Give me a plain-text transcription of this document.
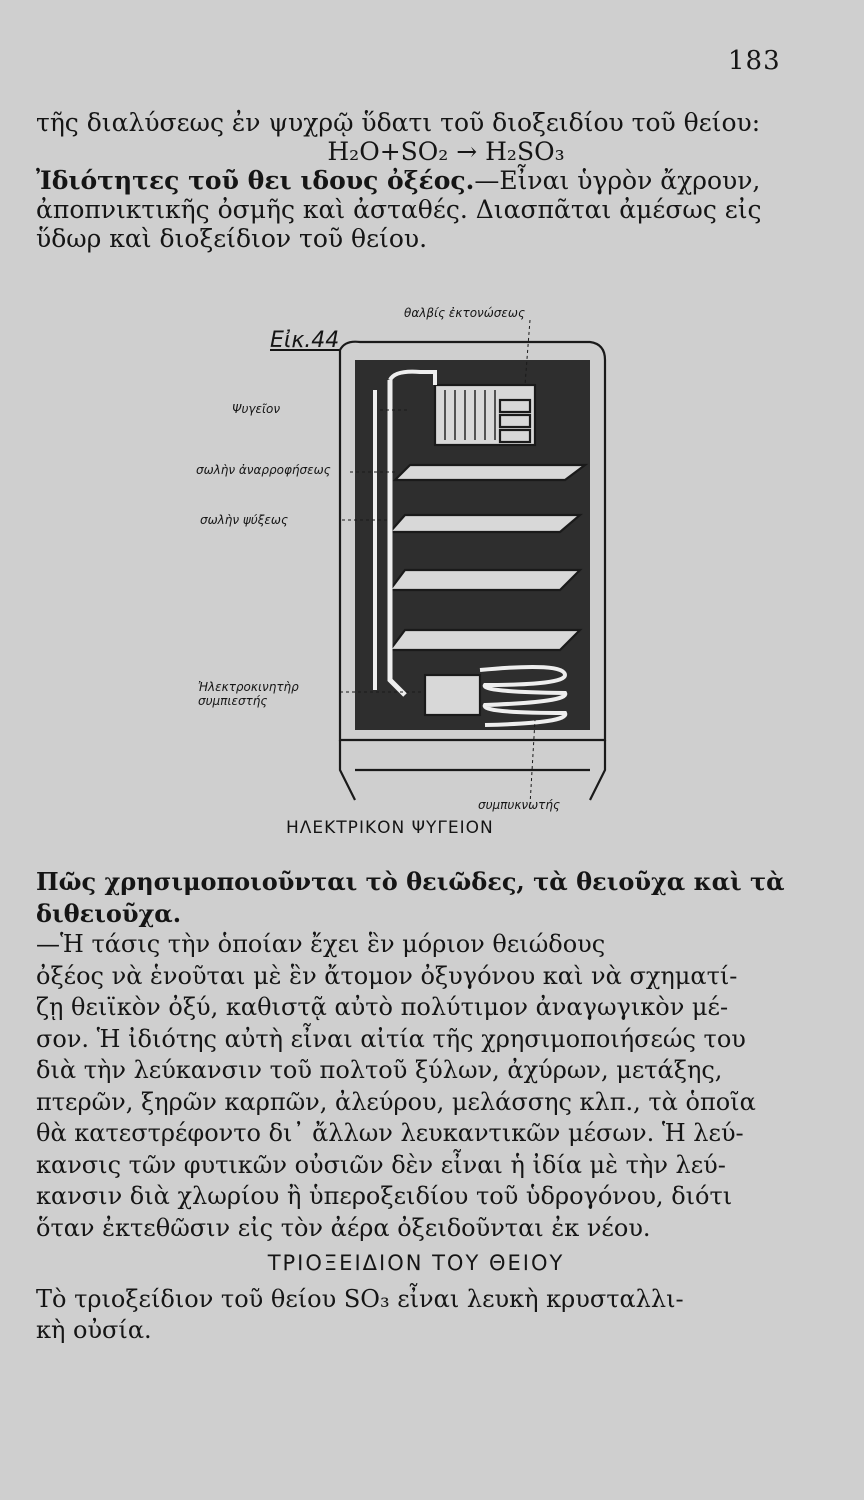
183
τῆς διαλύσεως ἐν ψυχρῷ ὕδατι τοῦ διοξειδίου τοῦ θείου:
H₂O+SO₂ → H₂SO₃
Ἰδιότητες τοῦ θει ιδους ὀξέος.—Εἶναι ὑγρὸν ἄχρουν,
ἀποπνικτικῆς ὀσμῆς καὶ ἀσταθές. Διασπᾶται ἀμέσως εἰς
ὕδωρ καὶ διοξείδιον τοῦ θείου.
Εἰκ.44
θαλβίς ἐκτονώσεως
Ψυγεῖον
σωλὴν ἀναρροφήσεως
σωλὴν ψύξεως
Ἠλεκτροκινητὴρ συμπιεστής
συμπυκνωτής
ΗΛΕΚΤΡΙΚΟΝ ΨΥΓΕΙΟΝ
Πῶς χρησιμοποιοῦνται τὸ θειῶδες, τὰ θειοῦχα καὶ τὰ διθειοῦχα.
—Ἡ τάσις τὴν ὁποίαν ἔχει ἓν μόριον θειώδους
ὀξέος νὰ ἑνοῦται μὲ ἓν ἄτομον ὀξυγόνου καὶ νὰ σχηματί-
ζῃ θειϊκὸν ὀξύ, καθιστᾷ αὐτὸ πολύτιμον ἀναγωγικὸν μέ-
σον. Ἡ ἰδιότης αὐτὴ εἶναι αἰτία τῆς χρησιμοποιήσεώς του
διὰ τὴν λεύκανσιν τοῦ πολτοῦ ξύλων, ἀχύρων, μετάξης,
πτερῶν, ξηρῶν καρπῶν, ἀλεύρου, μελάσσης κλπ., τὰ ὁποῖα
θὰ κατεστρέφοντο δι᾽ ἄλλων λευκαντικῶν μέσων. Ἡ λεύ-
κανσις τῶν φυτικῶν οὐσιῶν δὲν εἶναι ἡ ἰδία μὲ τὴν λεύ-
κανσιν διὰ χλωρίου ἢ ὑπεροξειδίου τοῦ ὑδρογόνου, διότι
ὅταν ἐκτεθῶσιν εἰς τὸν ἀέρα ὀξειδοῦνται ἐκ νέου.
ΤΡΙΟΞΕΙΔΙΟΝ ΤΟΥ ΘΕΙΟΥ
Τὸ τριοξείδιον τοῦ θείου SO₃ εἶναι λευκὴ κρυσταλλι-
κὴ οὐσία.
